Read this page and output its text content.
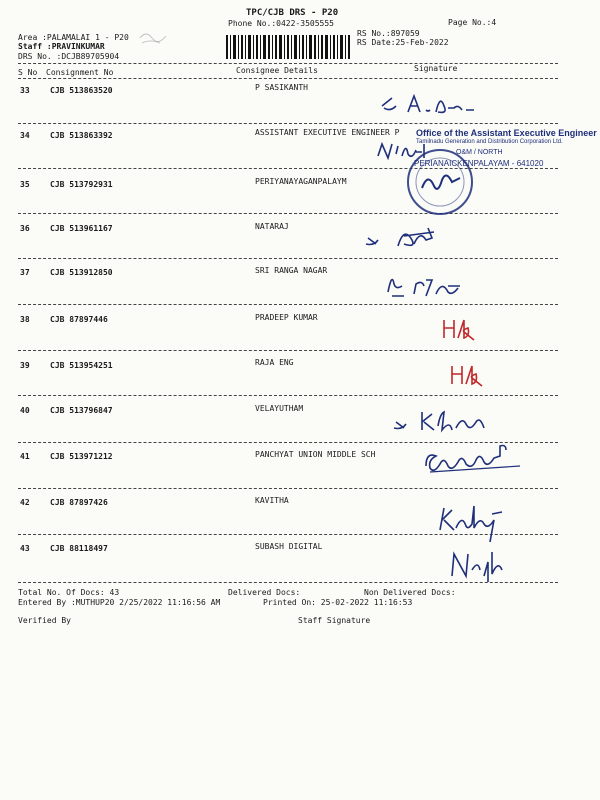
TPC/CJB DRS - P20
Phone No.:0422-3505555	Page No.:4
Area :PALAMALAI 1 - P20
Staff :PRAVINKUMAR
DRS No. :DCJB89705904
RS No.:897059
RS Date:25-Feb-2022
S No Consignment No	Consignee Details	Signature
33	CJB 513863520	P SASIKANTH
34	CJB 513863392	ASSISTANT EXECUTIVE ENGINEER P
35	CJB 513792931	PERIYANAYAGANPALAYM
36	CJB 513961167	NATARAJ
37	CJB 513912850	SRI RANGA NAGAR
38	CJB 87897446	PRADEEP KUMAR
39	CJB 513954251	RAJA ENG
40	CJB 513796847	VELAYUTHAM
41	CJB 513971212	PANCHYAT UNION MIDDLE SCH
42	CJB 87897426	KAVITHA
43	CJB 88118497	SUBASH DIGITAL
Office of the Assistant Executive Engineer
Tamilnadu Generation and Distribution Corporation Ltd.
O&M / NORTH
PERIANAICKENPALAYAM - 641020
Total No. Of Docs: 43	Delivered Docs:	Non Delivered Docs:
Entered By :MUTHUP20 2/25/2022 11:16:56 AM	Printed On: 25-02-2022 11:16:53
Verified By	Staff Signature
